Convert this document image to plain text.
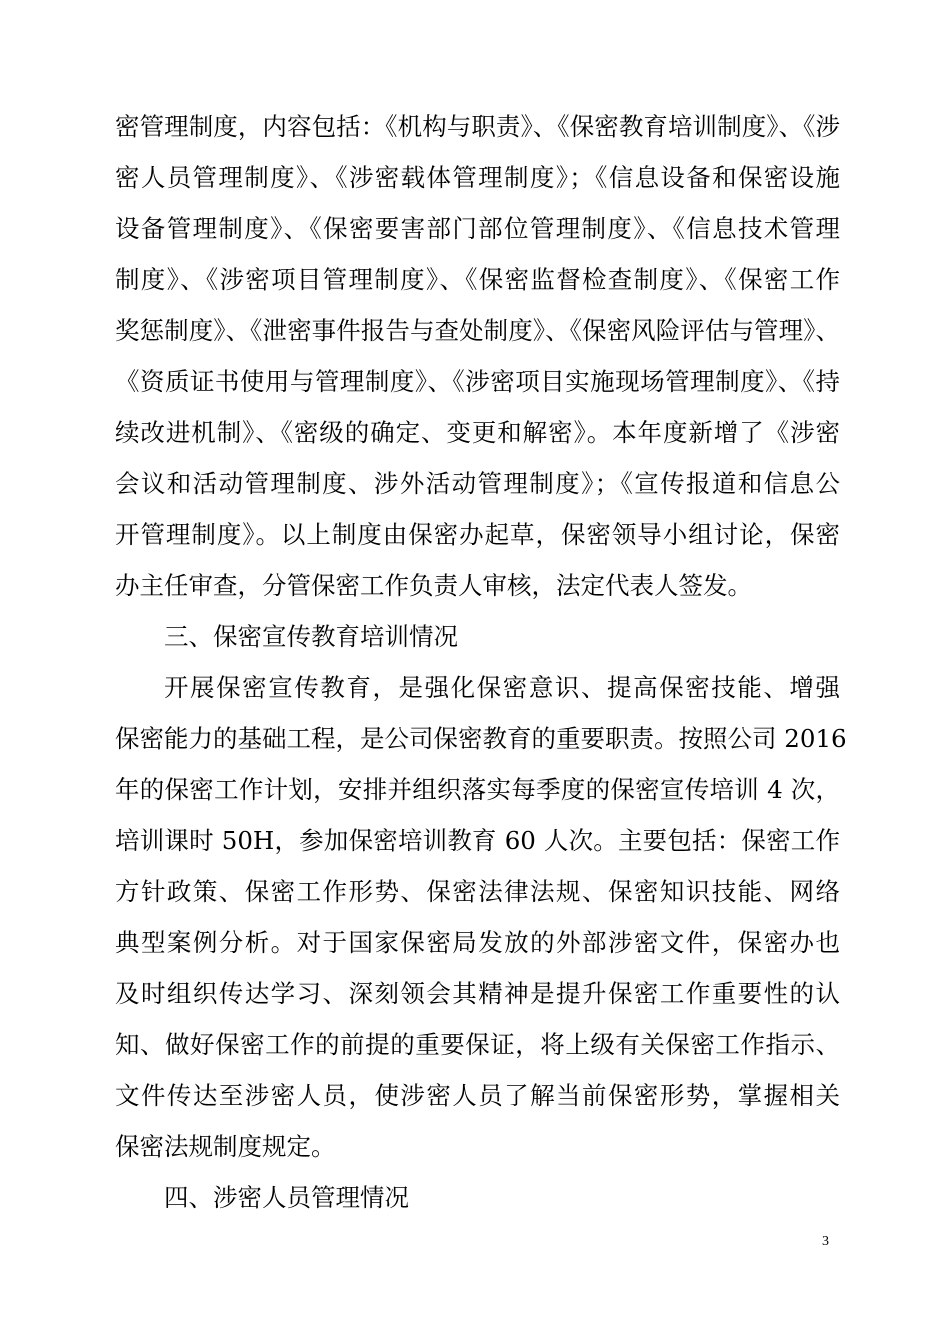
密管理制度，内容包括：《机构与职责》、《保密教育培训制度》、《涉
密人员管理制度》、《涉密载体管理制度》；《信息设备和保密设施
设备管理制度》、《保密要害部门部位管理制度》、《信息技术管理
制度》、《涉密项目管理制度》、《保密监督检查制度》、《保密工作
奖惩制度》、《泄密事件报告与查处制度》、《保密风险评估与管理》、
《资质证书使用与管理制度》、《涉密项目实施现场管理制度》、《持
续改进机制》、《密级的确定、变更和解密》。本年度新增了《涉密
会议和活动管理制度、涉外活动管理制度》；《宣传报道和信息公
开管理制度》。以上制度由保密办起草，保密领导小组讨论，保密
办主任审查，分管保密工作负责人审核，法定代表人签发。
三、保密宣传教育培训情况
开展保密宣传教育，是强化保密意识、提高保密技能、增强
保密能力的基础工程，是公司保密教育的重要职责。按照公司 2016
年的保密工作计划，安排并组织落实每季度的保密宣传培训 4 次，
培训课时 50H，参加保密培训教育 60 人次。主要包括：保密工作
方针政策、保密工作形势、保密法律法规、保密知识技能、网络
典型案例分析。对于国家保密局发放的外部涉密文件，保密办也
及时组织传达学习、深刻领会其精神是提升保密工作重要性的认
知、做好保密工作的前提的重要保证，将上级有关保密工作指示、
文件传达至涉密人员，使涉密人员了解当前保密形势，掌握相关
保密法规制度规定。
四、涉密人员管理情况
3
